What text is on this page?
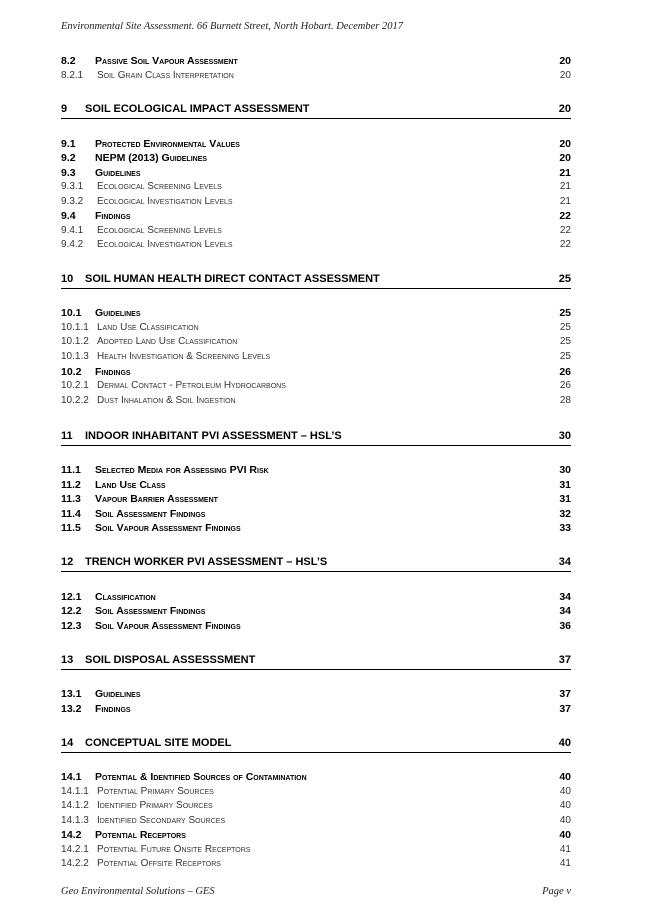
Environmental Site Assessment. 66 Burnett Street, North Hobart. December 2017
8.2	Passive Soil Vapour Assessment	20
8.2.1	Soil Grain Class Interpretation	20
9	SOIL ECOLOGICAL IMPACT ASSESSMENT	20
9.1	Protected Environmental Values	20
9.2	NEPM (2013) Guidelines	20
9.3	Guidelines	21
9.3.1	Ecological Screening Levels	21
9.3.2	Ecological Investigation Levels	21
9.4	Findings	22
9.4.1	Ecological Screening Levels	22
9.4.2	Ecological Investigation Levels	22
10	SOIL HUMAN HEALTH DIRECT CONTACT ASSESSMENT	25
10.1	Guidelines	25
10.1.1 Land Use Classification	25
10.1.2 Adopted Land Use Classification	25
10.1.3 Health Investigation & Screening Levels	25
10.2	Findings	26
10.2.1 Dermal Contact - Petroleum Hydrocarbons	26
10.2.2 Dust Inhalation & Soil Ingestion	28
11	INDOOR INHABITANT PVI ASSESSMENT – HSL’S	30
11.1	Selected Media for Assessing PVI Risk	30
11.2	Land Use Class	31
11.3	Vapour Barrier Assessment	31
11.4	Soil Assessment Findings	32
11.5	Soil Vapour Assessment Findings	33
12	TRENCH WORKER PVI ASSESSMENT – HSL’S	34
12.1	Classification	34
12.2	Soil Assessment Findings	34
12.3	Soil Vapour Assessment Findings	36
13	SOIL DISPOSAL ASSESSSMENT	37
13.1	Guidelines	37
13.2	Findings	37
14	CONCEPTUAL SITE MODEL	40
14.1	Potential & Identified Sources of Contamination	40
14.1.1 Potential Primary Sources	40
14.1.2 Identified Primary Sources	40
14.1.3 Identified Secondary Sources	40
14.2	Potential Receptors	40
14.2.1 Potential Future Onsite Receptors	41
14.2.2 Potential Offsite Receptors	41
Geo Environmental Solutions – GES	Page v
